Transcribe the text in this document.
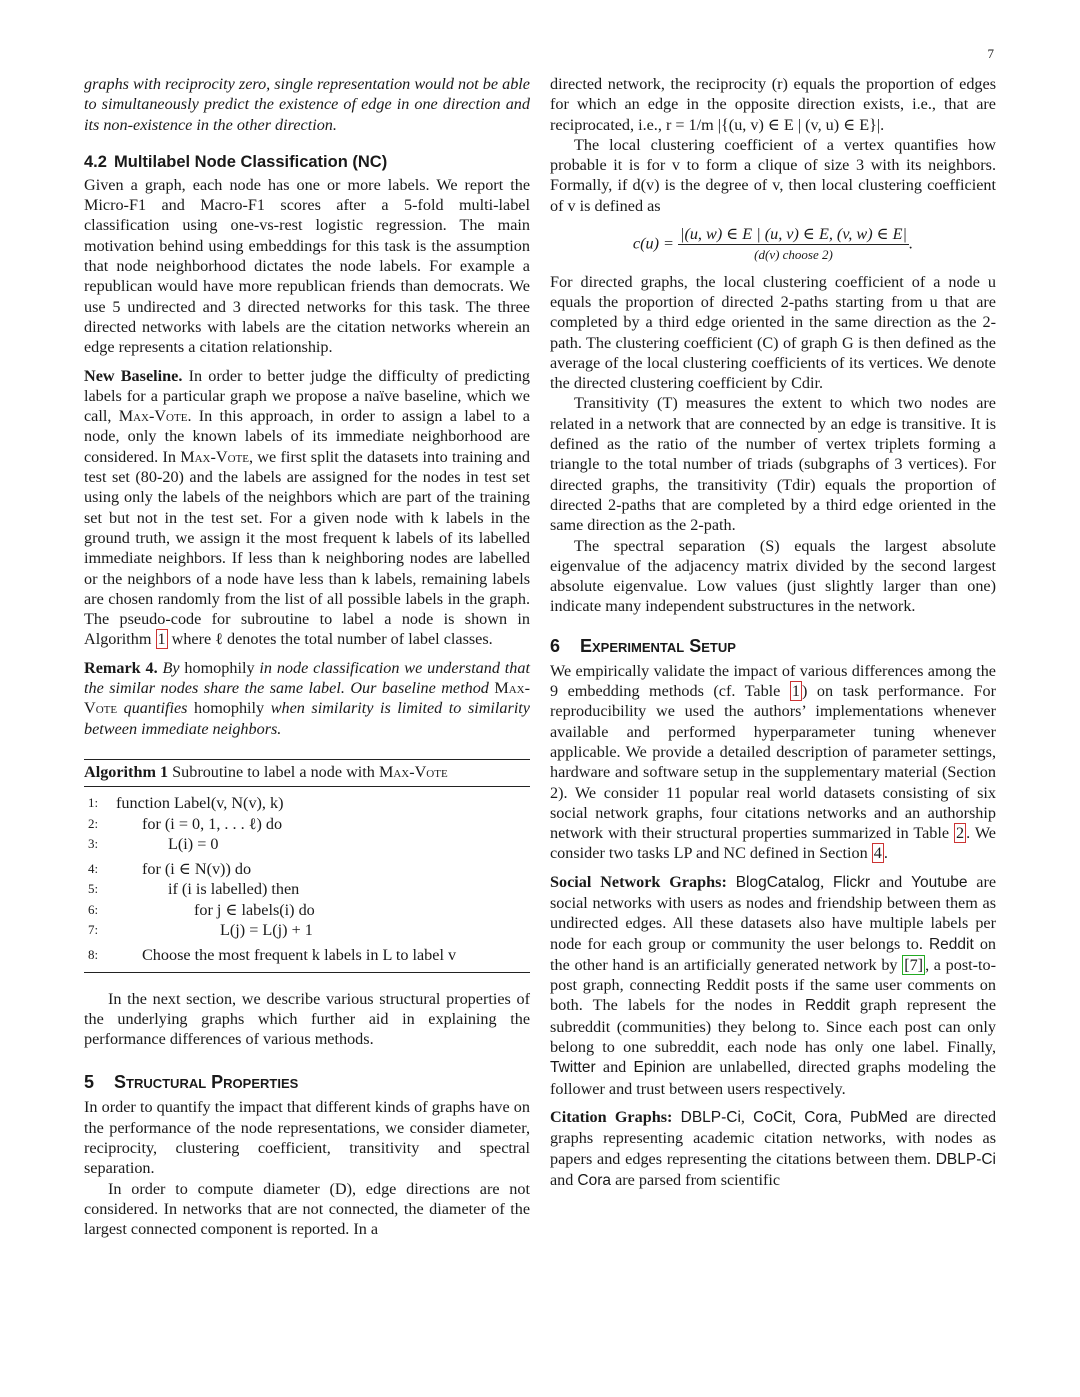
7

graphs with reciprocity zero, single representation would not be able to simultaneously predict the existence of edge in one direction and its non-existence in the other direction.

4.2 Multilabel Node Classification (NC)

Given a graph, each node has one or more labels. We report the Micro-F1 and Macro-F1 scores after a 5-fold multi-label classification using one-vs-rest logistic regression. The main motivation behind using embeddings for this task is the assumption that node neighborhood dictates the node labels. For example a republican would have more republican friends than democrats. We use 5 undirected and 3 directed networks for this task. The three directed networks with labels are the citation networks wherein an edge represents a citation relationship.

New Baseline. In order to better judge the difficulty of predicting labels for a particular graph we propose a naïve baseline, which we call, Max-Vote. In this approach, in order to assign a label to a node, only the known labels of its immediate neighborhood are considered. In Max-Vote, we first split the datasets into training and test set (80-20) and the labels are assigned for the nodes in test set using only the labels of the neighbors which are part of the training set but not in the test set. For a given node with k labels in the ground truth, we assign it the most frequent k labels of its labelled immediate neighbors. If less than k neighboring nodes are labelled or the neighbors of a node have less than k labels, remaining labels are chosen randomly from the list of all possible labels in the graph. The pseudo-code for subroutine to label a node is shown in Algorithm 1 where ℓ denotes the total number of label classes.

Remark 4. By homophily in node classification we understand that the similar nodes share the same label. Our baseline method Max-Vote quantifies homophily when similarity is limited to similarity between immediate neighbors.

Algorithm 1 Subroutine to label a node with Max-Vote
1:	function Label(v, N(v), k)
2:	for (i = 0, 1, . . . ℓ) do
3:	L(i) = 0
4:	for (i ∈ N(v)) do
5:	if (i is labelled) then
6:	for j ∈ labels(i) do
7:	L(j) = L(j) + 1
8:	Choose the most frequent k labels in L to label v

In the next section, we describe various structural properties of the underlying graphs which further aid in explaining the performance differences of various methods.

5 Structural Properties

In order to quantify the impact that different kinds of graphs have on the performance of the node representations, we consider diameter, reciprocity, clustering coefficient, transitivity and spectral separation.

In order to compute diameter (D), edge directions are not considered. In networks that are not connected, the diameter of the largest connected component is reported. In a

directed network, the reciprocity (r) equals the proportion of edges for which an edge in the opposite direction exists, i.e., that are reciprocated, i.e., r = 1/m |{(u, v) ∈ E | (v, u) ∈ E}|.

The local clustering coefficient of a vertex quantifies how probable it is for v to form a clique of size 3 with its neighbors. Formally, if d(v) is the degree of v, then local clustering coefficient of v is defined as

$c(u) = \frac{|(u, w) \in E | (u, v) \in E, (v, w) \in E|}{\text{(d(v) choose 2)}}$ .

For directed graphs, the local clustering coefficient of a node u equals the proportion of directed 2-paths starting from u that are completed by a third edge oriented in the same direction as the 2-path. The clustering coefficient (C) of graph G is then defined as the average of the local clustering coefficients of its vertices. We denote the directed clustering coefficient by Cdir.

Transitivity (T) measures the extent to which two nodes are related in a network that are connected by an edge is transitive. It is defined as the ratio of the number of vertex triplets forming a triangle to the total number of triads (subgraphs of 3 vertices). For directed graphs, the transitivity (Tdir) equals the proportion of directed 2-paths that are completed by a third edge oriented in the same direction as the 2-path.

The spectral separation (S) equals the largest absolute eigenvalue of the adjacency matrix divided by the second largest absolute eigenvalue. Low values (just slightly larger than one) indicate many independent substructures in the network.

6 Experimental Setup

We empirically validate the impact of various differences among the 9 embedding methods (cf. Table 1 ) on task performance. For reproducibility we used the authors’ implementations whenever available and performed hyperparameter tuning whenever applicable. We provide a detailed description of parameter settings, hardware and software setup in the supplementary material (Section 2). We consider 11 popular real world datasets consisting of six social network graphs, four citations networks and an authorship network with their structural properties summarized in Table 2 . We consider two tasks LP and NC defined in Section 4 .

Social Network Graphs: BlogCatalog, Flickr and Youtube are social networks with users as nodes and friendship between them as undirected edges. All these datasets also have multiple labels per node for each group or community the user belongs to. Reddit on the other hand is an artificially generated network by [7] , a post-to-post graph, connecting Reddit posts if the same user comments on both. The labels for the nodes in Reddit graph represent the subreddit (communities) they belong to. Since each post can only belong to one subreddit, each node has only one label. Finally, Twitter and Epinion are unlabelled, directed graphs modeling the follower and trust between users respectively.

Citation Graphs: DBLP-Ci, CoCit, Cora, PubMed are directed graphs representing academic citation networks, with nodes as papers and edges representing the citations between them. DBLP-Ci and Cora are parsed from scientific
